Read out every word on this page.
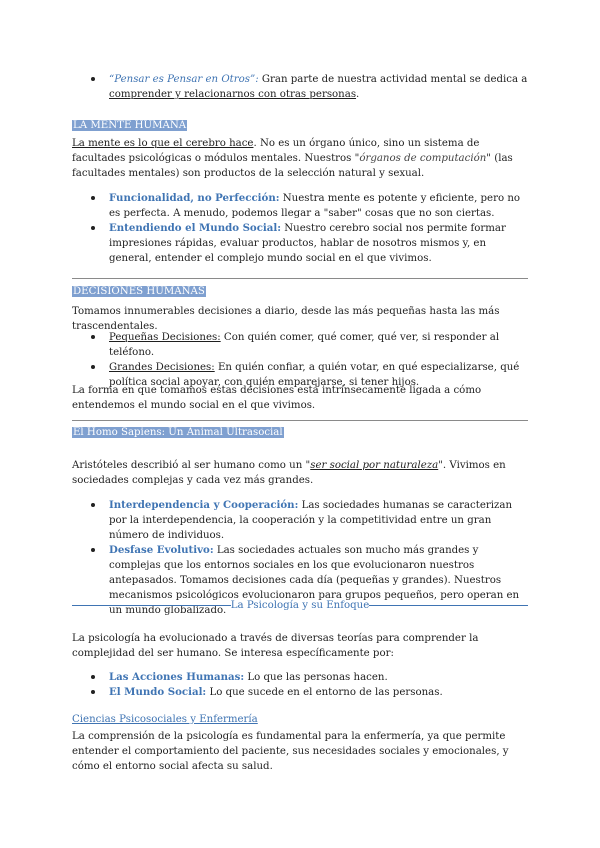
“Pensar es Pensar en Otros”: Gran parte de nuestra actividad mental se dedica a comprender y relacionarnos con otras personas.
LA MENTE HUMANA

La mente es lo que el cerebro hace. No es un órgano único, sino un sistema de facultades psicológicas o módulos mentales. Nuestros "órganos de computación" (las facultades mentales) son productos de la selección natural y sexual.

Funcionalidad, no Perfección: Nuestra mente es potente y eficiente, pero no es perfecta. A menudo, podemos llegar a "saber" cosas que no son ciertas.
Entendiendo el Mundo Social: Nuestro cerebro social nos permite formar impresiones rápidas, evaluar productos, hablar de nosotros mismos y, en general, entender el complejo mundo social en el que vivimos.
DECISIONES HUMANAS

Tomamos innumerables decisiones a diario, desde las más pequeñas hasta las más trascendentales.

Pequeñas Decisiones: Con quién comer, qué comer, qué ver, si responder al teléfono.
Grandes Decisiones: En quién confiar, a quién votar, en qué especializarse, qué política social apoyar, con quién emparejarse, si tener hijos.

La forma en que tomamos estas decisiones está intrínsecamente ligada a cómo entendemos el mundo social en el que vivimos.

El Homo Sapiens: Un Animal Ultrasocial

Aristóteles describió al ser humano como un "ser social por naturaleza". Vivimos en sociedades complejas y cada vez más grandes.

Interdependencia y Cooperación: Las sociedades humanas se caracterizan por la interdependencia, la cooperación y la competitividad entre un gran número de individuos.
Desfase Evolutivo: Las sociedades actuales son mucho más grandes y complejas que los entornos sociales en los que evolucionaron nuestros antepasados. Tomamos decisiones cada día (pequeñas y grandes). Nuestros mecanismos psicológicos evolucionaron para grupos pequeños, pero operan en un mundo globalizado. La Psicología y su Enfoque

La psicología ha evolucionado a través de diversas teorías para comprender la complejidad del ser humano. Se interesa específicamente por:

Las Acciones Humanas: Lo que las personas hacen.
El Mundo Social: Lo que sucede en el entorno de las personas.
Ciencias Psicosociales y Enfermería

La comprensión de la psicología es fundamental para la enfermería, ya que permite entender el comportamiento del paciente, sus necesidades sociales y emocionales, y cómo el entorno social afecta su salud.
